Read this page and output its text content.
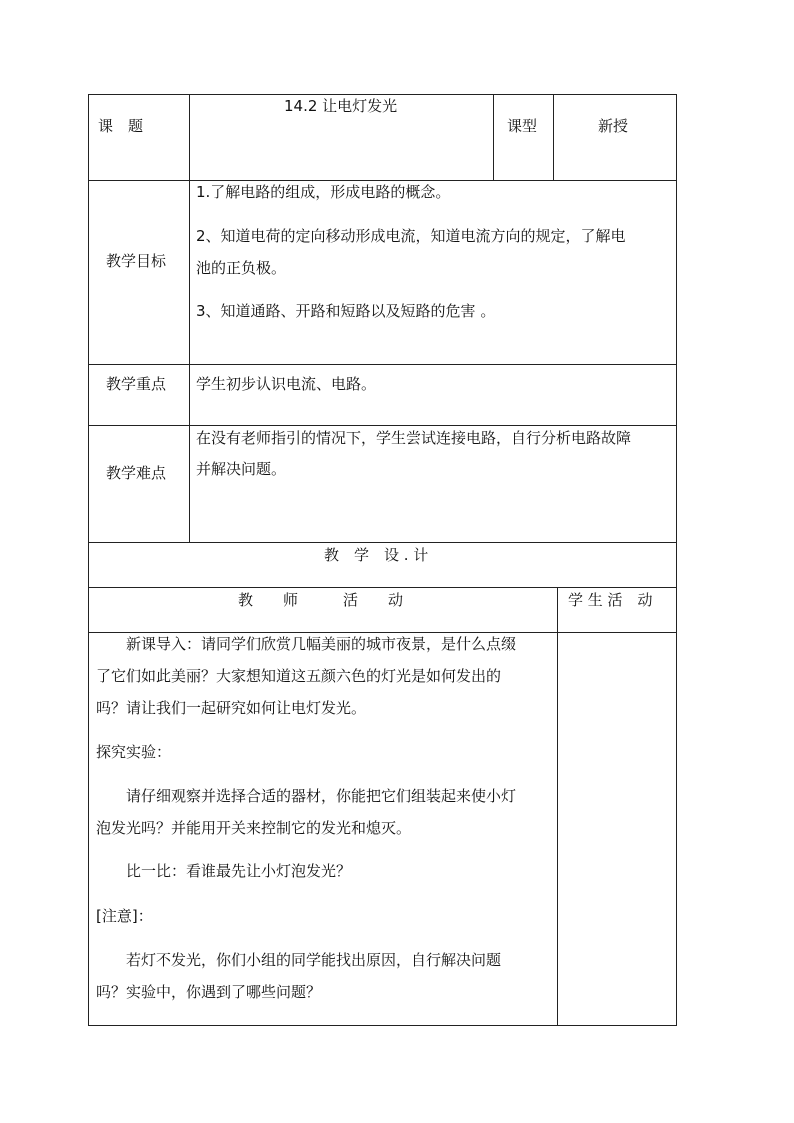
课　题
14.2 让电灯发光
课型	新授
教学目标
1.了解电路的组成，形成电路的概念。
2、知道电荷的定向移动形成电流，知道电流方向的规定，了解电
池的正负极。
3、知道通路、开路和短路以及短路的危害 。
教学重点 学生初步认识电流、电路。
教学难点
在没有老师指引的情况下，学生尝试连接电路，自行分析电路故障
并解决问题。
教　学　设 . 计
教　　师　　　活　　动	学 生 活　动
　　新课导入：请同学们欣赏几幅美丽的城市夜景，是什么点缀
了它们如此美丽？大家想知道这五颜六色的灯光是如何发出的
吗？请让我们一起研究如何让电灯发光。
探究实验：
　　请仔细观察并选择合适的器材，你能把它们组装起来使小灯
泡发光吗？并能用开关来控制它的发光和熄灭。
　　比一比：看谁最先让小灯泡发光？
[注意]：
　　若灯不发光，你们小组的同学能找出原因，自行解决问题
吗？实验中，你遇到了哪些问题？
